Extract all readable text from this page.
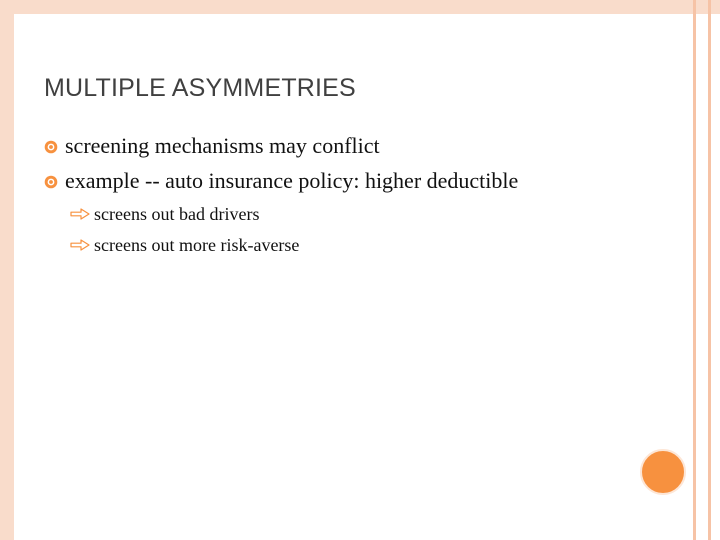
MULTIPLE ASYMMETRIES
screening mechanisms may conflict
example -- auto insurance policy: higher deductible
screens out bad drivers
screens out more risk-averse
